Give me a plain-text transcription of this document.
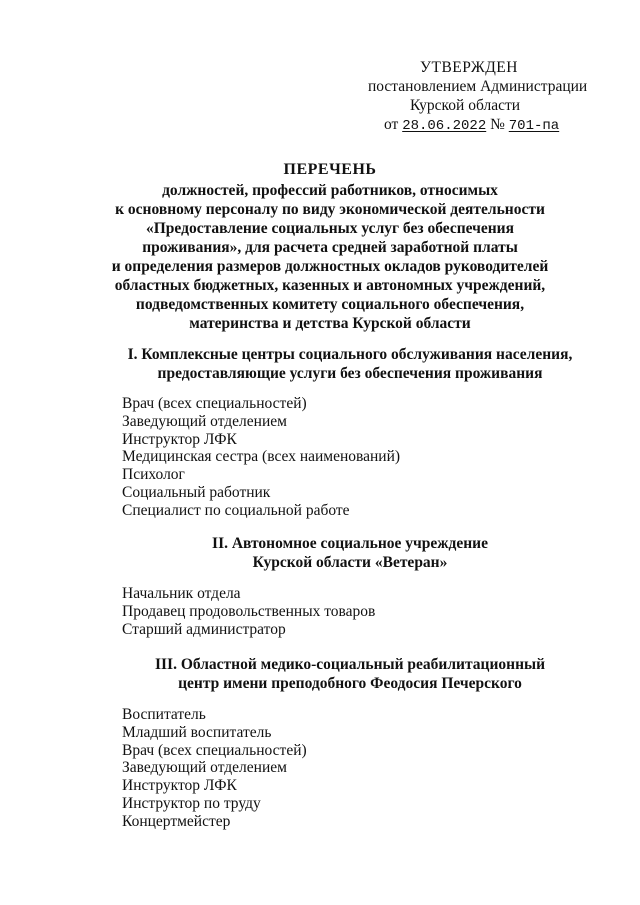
УТВЕРЖДЕН
постановлением Администрации
Курской области
от 28.06.2022 № 701-па
ПЕРЕЧЕНЬ
должностей, профессий работников, относимых
к основному персоналу по виду экономической деятельности
«Предоставление социальных услуг без обеспечения
проживания», для расчета средней заработной платы
и определения размеров должностных окладов руководителей
областных бюджетных, казенных и автономных учреждений,
подведомственных комитету социального обеспечения,
материнства и детства Курской области
I. Комплексные центры социального обслуживания населения,
предоставляющие услуги без обеспечения проживания
Врач (всех специальностей)
Заведующий отделением
Инструктор ЛФК
Медицинская сестра (всех наименований)
Психолог
Социальный работник
Специалист по социальной работе
II. Автономное социальное учреждение
Курской области «Ветеран»
Начальник отдела
Продавец продовольственных товаров
Старший администратор
III. Областной медико-социальный реабилитационный
центр имени преподобного Феодосия Печерского
Воспитатель
Младший воспитатель
Врач (всех специальностей)
Заведующий отделением
Инструктор ЛФК
Инструктор по труду
Концертмейстер
